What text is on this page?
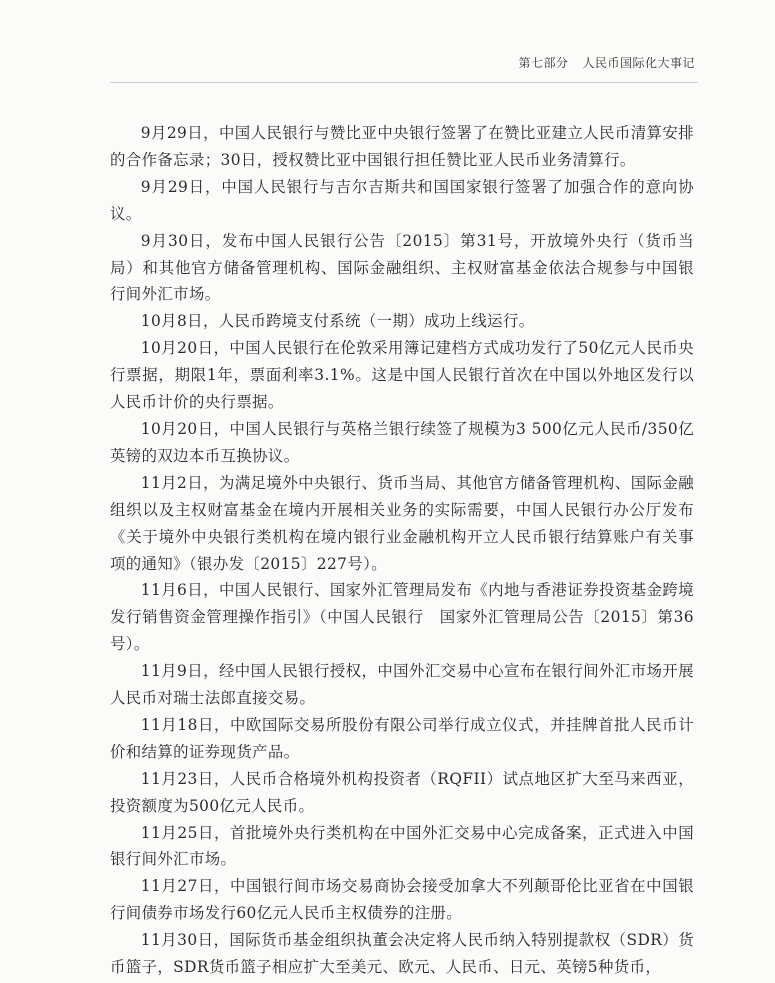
第七部分 人民币国际化大事记

9月29日，中国人民银行与赞比亚中央银行签署了在赞比亚建立人民币清算安排的合作备忘录；30日，授权赞比亚中国银行担任赞比亚人民币业务清算行。

9月29日，中国人民银行与吉尔吉斯共和国国家银行签署了加强合作的意向协议。

9月30日，发布中国人民银行公告〔2015〕第31号，开放境外央行（货币当局）和其他官方储备管理机构、国际金融组织、主权财富基金依法合规参与中国银行间外汇市场。

10月8日，人民币跨境支付系统（一期）成功上线运行。

10月20日，中国人民银行在伦敦采用簿记建档方式成功发行了50亿元人民币央行票据，期限1年，票面利率3.1%。这是中国人民银行首次在中国以外地区发行以人民币计价的央行票据。

10月20日，中国人民银行与英格兰银行续签了规模为3 500亿元人民币/350亿英镑的双边本币互换协议。

11月2日，为满足境外中央银行、货币当局、其他官方储备管理机构、国际金融组织以及主权财富基金在境内开展相关业务的实际需要，中国人民银行办公厅发布《关于境外中央银行类机构在境内银行业金融机构开立人民币银行结算账户有关事项的通知》（银办发〔2015〕227号）。

11月6日，中国人民银行、国家外汇管理局发布《内地与香港证券投资基金跨境发行销售资金管理操作指引》（中国人民银行　国家外汇管理局公告〔2015〕第36号）。

11月9日，经中国人民银行授权，中国外汇交易中心宣布在银行间外汇市场开展人民币对瑞士法郎直接交易。

11月18日，中欧国际交易所股份有限公司举行成立仪式，并挂牌首批人民币计价和结算的证券现货产品。

11月23日，人民币合格境外机构投资者（RQFII）试点地区扩大至马来西亚，投资额度为500亿元人民币。

11月25日，首批境外央行类机构在中国外汇交易中心完成备案，正式进入中国银行间外汇市场。

11月27日，中国银行间市场交易商协会接受加拿大不列颠哥伦比亚省在中国银行间债券市场发行60亿元人民币主权债券的注册。

11月30日，国际货币基金组织执董会决定将人民币纳入特别提款权（SDR）货币篮子，SDR货币篮子相应扩大至美元、欧元、人民币、日元、英镑5种货币，
